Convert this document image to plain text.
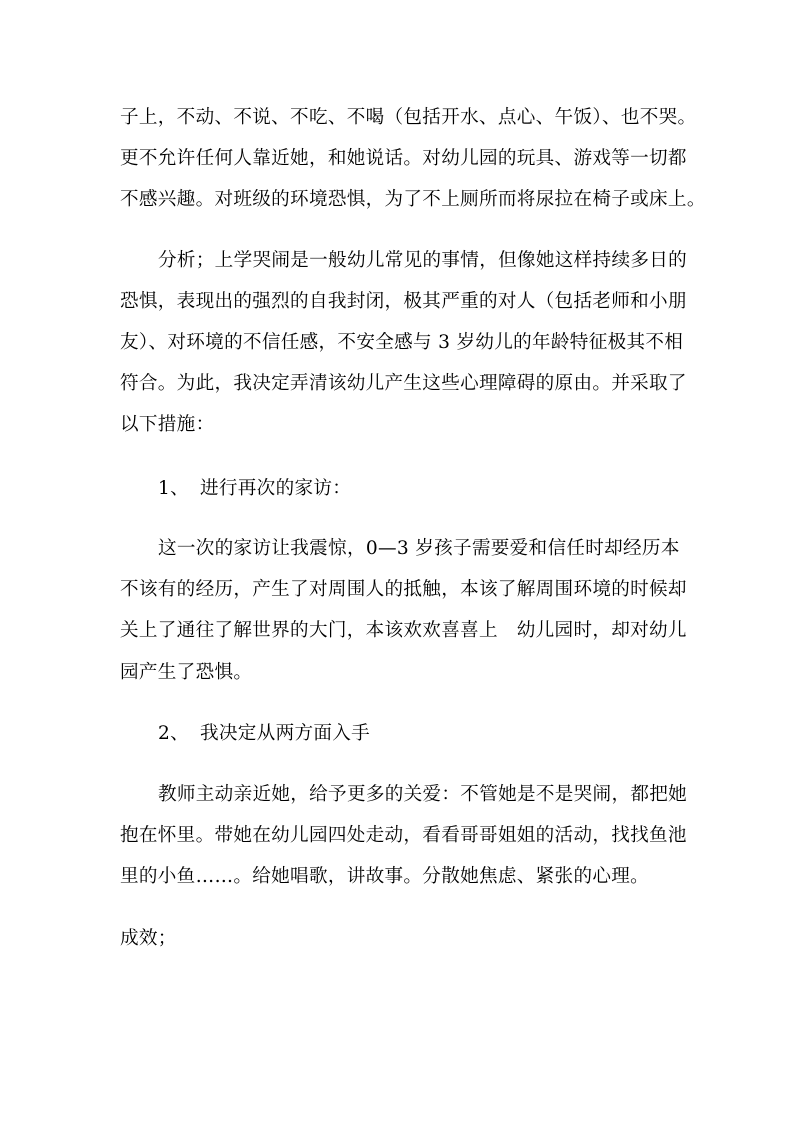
子上，不动、不说、不吃、不喝（包括开水、点心、午饭）、也不哭。
更不允许任何人靠近她，和她说话。对幼儿园的玩具、游戏等一切都
不感兴趣。对班级的环境恐惧，为了不上厕所而将尿拉在椅子或床上。
分析；上学哭闹是一般幼儿常见的事情，但像她这样持续多日的
恐惧，表现出的强烈的自我封闭，极其严重的对人（包括老师和小朋
友）、对环境的不信任感，不安全感与 3 岁幼儿的年龄特征极其不相
符合。为此，我决定弄清该幼儿产生这些心理障碍的原由。并采取了
以下措施：
1、 进行再次的家访：
这一次的家访让我震惊，0—3 岁孩子需要爱和信任时却经历本
不该有的经历，产生了对周围人的抵触，本该了解周围环境的时候却
关上了通往了解世界的大门，本该欢欢喜喜上　幼儿园时，却对幼儿
园产生了恐惧。
2、 我决定从两方面入手
教师主动亲近她，给予更多的关爱：不管她是不是哭闹，都把她
抱在怀里。带她在幼儿园四处走动，看看哥哥姐姐的活动，找找鱼池
里的小鱼……。给她唱歌，讲故事。分散她焦虑、紧张的心理。
成效；
